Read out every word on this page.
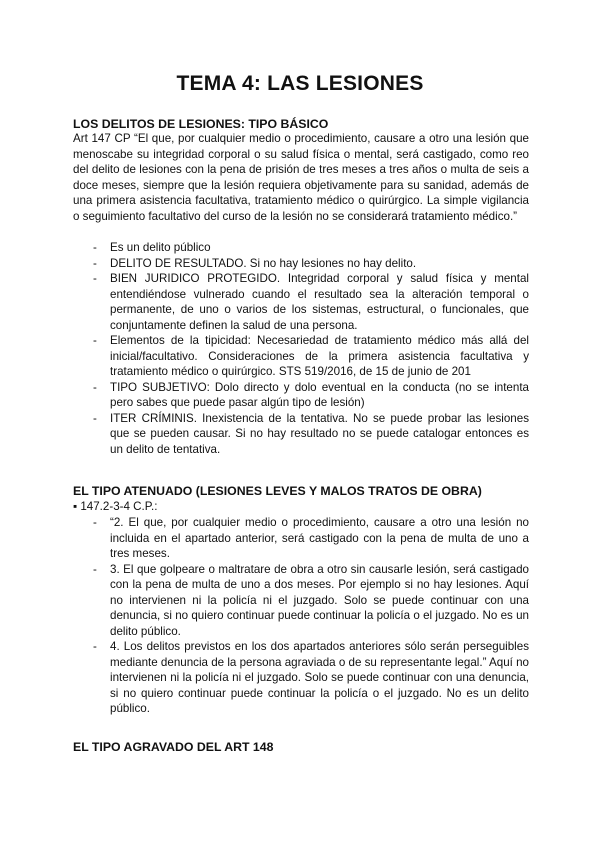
TEMA 4: LAS LESIONES
LOS DELITOS DE LESIONES: TIPO BÁSICO

Art 147 CP “El que, por cualquier medio o procedimiento, causare a otro una lesión que menoscabe su integridad corporal o su salud física o mental, será castigado, como reo del delito de lesiones con la pena de prisión de tres meses a tres años o multa de seis a doce meses, siempre que la lesión requiera objetivamente para su sanidad, además de una primera asistencia facultativa, tratamiento médico o quirúrgico. La simple vigilancia o seguimiento facultativo del curso de la lesión no se considerará tratamiento médico.”

- Es un delito público
- DELITO DE RESULTADO. Si no hay lesiones no hay delito.
- BIEN JURIDICO PROTEGIDO. Integridad corporal y salud física y mental entendiéndose vulnerado cuando el resultado sea la alteración temporal o permanente, de uno o varios de los sistemas, estructural, o funcionales, que conjuntamente definen la salud de una persona.
- Elementos de la tipicidad: Necesariedad de tratamiento médico más allá del inicial/facultativo. Consideraciones de la primera asistencia facultativa y tratamiento médico o quirúrgico. STS 519/2016, de 15 de junio de 201
- TIPO SUBJETIVO: Dolo directo y dolo eventual en la conducta (no se intenta pero sabes que puede pasar algún tipo de lesión)
- ITER CRÍMINIS. Inexistencia de la tentativa. No se puede probar las lesiones que se pueden causar. Si no hay resultado no se puede catalogar entonces es un delito de tentativa.
EL TIPO ATENUADO (LESIONES LEVES Y MALOS TRATOS DE OBRA)

▪ 147.2-3-4 C.P.:

- “2. El que, por cualquier medio o procedimiento, causare a otro una lesión no incluida en el apartado anterior, será castigado con la pena de multa de uno a tres meses.
- 3. El que golpeare o maltratare de obra a otro sin causarle lesión, será castigado con la pena de multa de uno a dos meses. Por ejemplo si no hay lesiones. Aquí no intervienen ni la policía ni el juzgado. Solo se puede continuar con una denuncia, si no quiero continuar puede continuar la policía o el juzgado. No es un delito público.
- 4. Los delitos previstos en los dos apartados anteriores sólo serán perseguibles mediante denuncia de la persona agraviada o de su representante legal.” Aquí no intervienen ni la policía ni el juzgado. Solo se puede continuar con una denuncia, si no quiero continuar puede continuar la policía o el juzgado. No es un delito público.
EL TIPO AGRAVADO DEL ART 148
